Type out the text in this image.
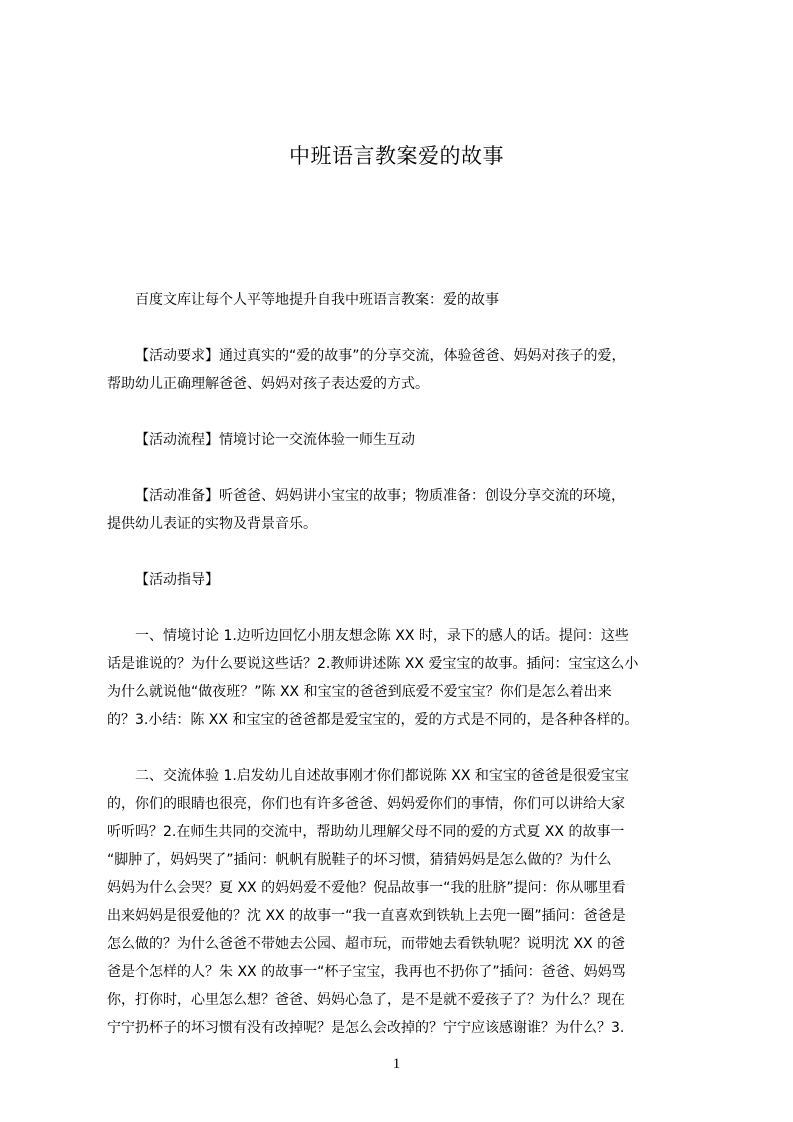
中班语言教案爱的故事
百度文库让每个人平等地提升自我中班语言教案：爱的故事
【活动要求】通过真实的“爱的故事”的分享交流，体验爸爸、妈妈对孩子的爱，
帮助幼儿正确理解爸爸、妈妈对孩子表达爱的方式。
【活动流程】情境讨论一交流体验一师生互动
【活动准备】听爸爸、妈妈讲小宝宝的故事；物质准备：创设分享交流的环境，
提供幼儿表证的实物及背景音乐。
【活动指导】
一、情境讨论 1.边听边回忆小朋友想念陈 XX 时，录下的感人的话。提问：这些
话是谁说的？为什么要说这些话？2.教师讲述陈 XX 爱宝宝的故事。插问：宝宝这么小
为什么就说他“做夜班？”陈 XX 和宝宝的爸爸到底爱不爱宝宝？你们是怎么着出来
的？3.小结：陈 XX 和宝宝的爸爸都是爱宝宝的，爱的方式是不同的，是各种各样的。
二、交流体验 1.启发幼儿自述故事刚才你们都说陈 XX 和宝宝的爸爸是很爱宝宝
的，你们的眼睛也很亮，你们也有许多爸爸、妈妈爱你们的事情，你们可以讲给大家
听听吗？2.在师生共同的交流中，帮助幼儿理解父母不同的爱的方式夏 XX 的故事一
“脚肿了，妈妈哭了”插问：帆帆有脱鞋子的坏习惯，猜猜妈妈是怎么做的？为什么
妈妈为什么会哭？夏 XX 的妈妈爱不爱他？倪品故事一“我的肚脐”提问：你从哪里看
出来妈妈是很爱他的？沈 XX 的故事一“我一直喜欢到铁轨上去兜一圈”插问：爸爸是
怎么做的？为什么爸爸不带她去公园、超市玩，而带她去看铁轨呢？说明沈 XX 的爸
爸是个怎样的人？朱 XX 的故事一“杯子宝宝，我再也不扔你了”插问：爸爸、妈妈骂
你，打你时，心里怎么想？爸爸、妈妈心急了，是不是就不爱孩子了？为什么？现在
宁宁扔杯子的坏习惯有没有改掉呢？是怎么会改掉的？宁宁应该感谢谁？为什么？3.
1
